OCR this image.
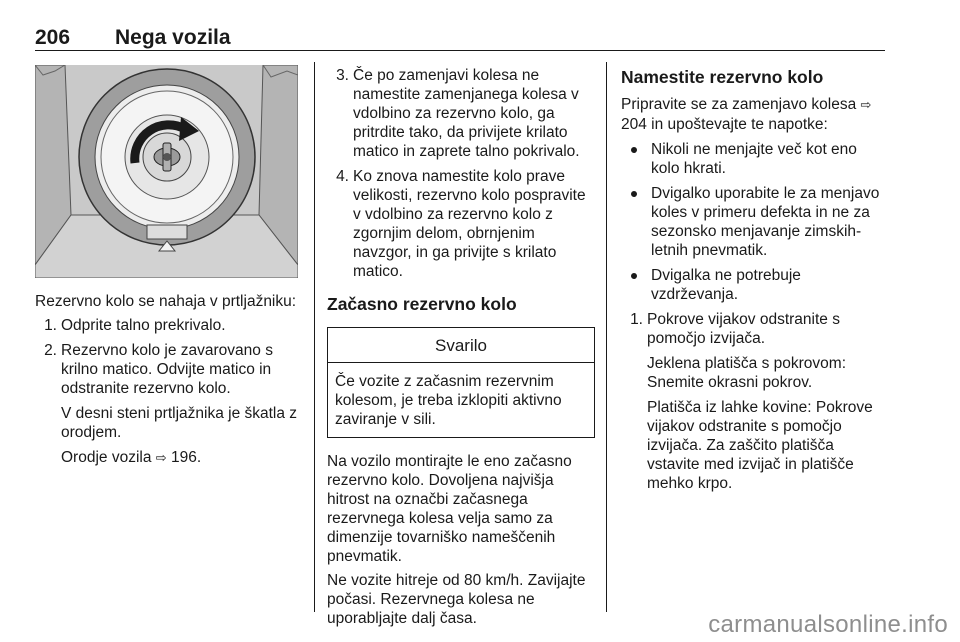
206 Nega vozila

Rezervno kolo se nahaja v prtljažniku:

1. Odprite talno prekrivalo.

2. Rezervno kolo je zavarovano s krilno matico. Odvijte matico in odstranite rezervno kolo.

V desni steni prtljažnika je škatla z orodjem.

Orodje vozila ⇨ 196.

3. Če po zamenjavi kolesa ne namestite zamenjanega kolesa v vdolbino za rezervno kolo, ga pritrdite tako, da privijete krilato matico in zaprete talno pokrivalo.

4. Ko znova namestite kolo prave velikosti, rezervno kolo pospravite v vdolbino za rezervno kolo z zgornjim delom, obrnjenim navzgor, in ga privijte s krilato matico.

Začasno rezervno kolo
Svarilo
Če vozite z začasnim rezervnim kolesom, je treba izklopiti aktivno zaviranje v sili.

Na vozilo montirajte le eno začasno rezervno kolo. Dovoljena najvišja hitrost na označbi začasnega rezervnega kolesa velja samo za dimenzije tovarniško nameščenih pnevmatik.

Ne vozite hitreje od 80 km/h. Zavijajte počasi. Rezervnega kolesa ne uporabljajte dalj časa.

Namestite rezervno kolo

Pripravite se za zamenjavo kolesa ⇨ 204 in upoštevajte te napotke:

Nikoli ne menjajte več kot eno kolo hkrati.
Dvigalko uporabite le za menjavo koles v primeru defekta in ne za sezonsko menjavanje zimskih-letnih pnevmatik.
Dvigalka ne potrebuje vzdrževanja.
1. Pokrove vijakov odstranite s pomočjo izvijača.

Jeklena platišča s pokrovom: Snemite okrasni pokrov.

Platišča iz lahke kovine: Pokrove vijakov odstranite s pomočjo izvijača. Za zaščito platišča vstavite med izvijač in platišče mehko krpo.

carmanualsonline.info
